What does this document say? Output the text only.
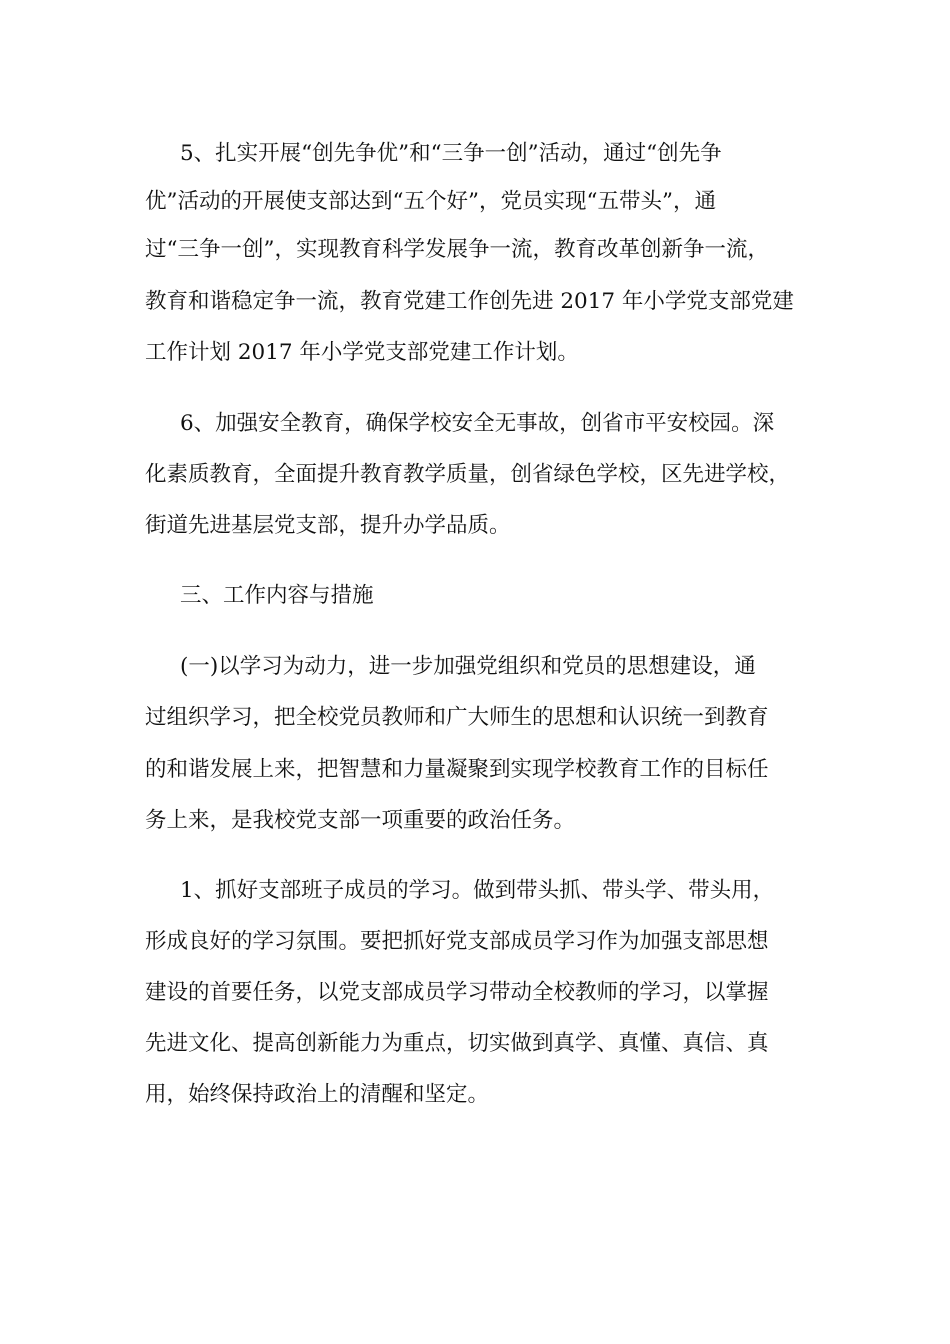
5、扎实开展“创先争优”和“三争一创”活动，通过“创先争
优”活动的开展使支部达到“五个好”，党员实现“五带头”，通
过“三争一创”，实现教育科学发展争一流，教育改革创新争一流，
教育和谐稳定争一流，教育党建工作创先进 2017 年小学党支部党建
工作计划 2017 年小学党支部党建工作计划。
6、加强安全教育，确保学校安全无事故，创省市平安校园。深
化素质教育，全面提升教育教学质量，创省绿色学校，区先进学校，
街道先进基层党支部，提升办学品质。
三、工作内容与措施
(一)以学习为动力，进一步加强党组织和党员的思想建设，通
过组织学习，把全校党员教师和广大师生的思想和认识统一到教育
的和谐发展上来，把智慧和力量凝聚到实现学校教育工作的目标任
务上来，是我校党支部一项重要的政治任务。
1、抓好支部班子成员的学习。做到带头抓、带头学、带头用，
形成良好的学习氛围。要把抓好党支部成员学习作为加强支部思想
建设的首要任务，以党支部成员学习带动全校教师的学习，以掌握
先进文化、提高创新能力为重点，切实做到真学、真懂、真信、真
用，始终保持政治上的清醒和坚定。
